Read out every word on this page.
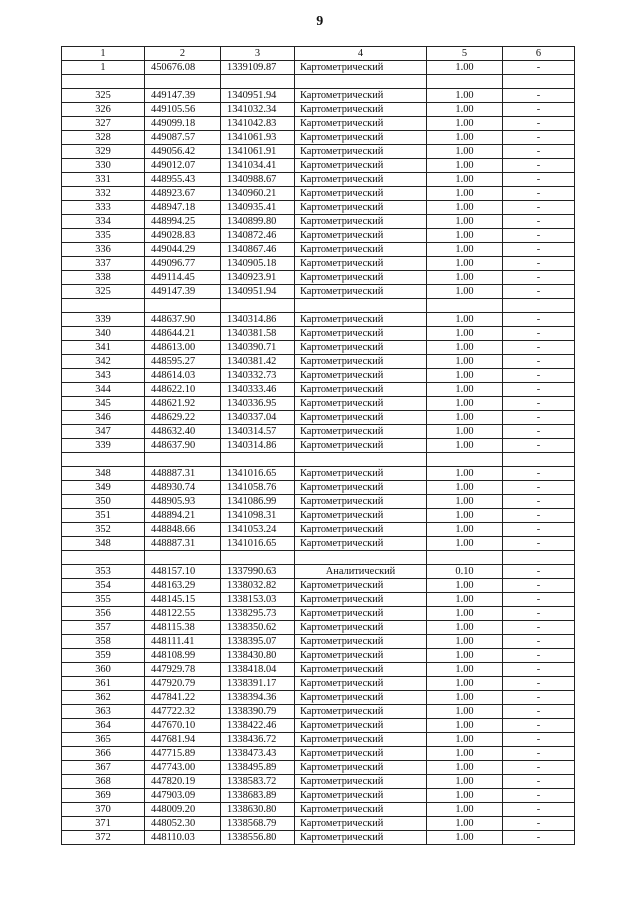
9
1	2	3	4	5	6
1	450676.08	1339109.87	Картометрический	1.00	-

325	449147.39	1340951.94	Картометрический	1.00	-
326	449105.56	1341032.34	Картометрический	1.00	-
327	449099.18	1341042.83	Картометрический	1.00	-
328	449087.57	1341061.93	Картометрический	1.00	-
329	449056.42	1341061.91	Картометрический	1.00	-
330	449012.07	1341034.41	Картометрический	1.00	-
331	448955.43	1340988.67	Картометрический	1.00	-
332	448923.67	1340960.21	Картометрический	1.00	-
333	448947.18	1340935.41	Картометрический	1.00	-
334	448994.25	1340899.80	Картометрический	1.00	-
335	449028.83	1340872.46	Картометрический	1.00	-
336	449044.29	1340867.46	Картометрический	1.00	-
337	449096.77	1340905.18	Картометрический	1.00	-
338	449114.45	1340923.91	Картометрический	1.00	-
325	449147.39	1340951.94	Картометрический	1.00	-

339	448637.90	1340314.86	Картометрический	1.00	-
340	448644.21	1340381.58	Картометрический	1.00	-
341	448613.00	1340390.71	Картометрический	1.00	-
342	448595.27	1340381.42	Картометрический	1.00	-
343	448614.03	1340332.73	Картометрический	1.00	-
344	448622.10	1340333.46	Картометрический	1.00	-
345	448621.92	1340336.95	Картометрический	1.00	-
346	448629.22	1340337.04	Картометрический	1.00	-
347	448632.40	1340314.57	Картометрический	1.00	-
339	448637.90	1340314.86	Картометрический	1.00	-

348	448887.31	1341016.65	Картометрический	1.00	-
349	448930.74	1341058.76	Картометрический	1.00	-
350	448905.93	1341086.99	Картометрический	1.00	-
351	448894.21	1341098.31	Картометрический	1.00	-
352	448848.66	1341053.24	Картометрический	1.00	-
348	448887.31	1341016.65	Картометрический	1.00	-

353	448157.10	1337990.63	Аналитический	0.10	-
354	448163.29	1338032.82	Картометрический	1.00	-
355	448145.15	1338153.03	Картометрический	1.00	-
356	448122.55	1338295.73	Картометрический	1.00	-
357	448115.38	1338350.62	Картометрический	1.00	-
358	448111.41	1338395.07	Картометрический	1.00	-
359	448108.99	1338430.80	Картометрический	1.00	-
360	447929.78	1338418.04	Картометрический	1.00	-
361	447920.79	1338391.17	Картометрический	1.00	-
362	447841.22	1338394.36	Картометрический	1.00	-
363	447722.32	1338390.79	Картометрический	1.00	-
364	447670.10	1338422.46	Картометрический	1.00	-
365	447681.94	1338436.72	Картометрический	1.00	-
366	447715.89	1338473.43	Картометрический	1.00	-
367	447743.00	1338495.89	Картометрический	1.00	-
368	447820.19	1338583.72	Картометрический	1.00	-
369	447903.09	1338683.89	Картометрический	1.00	-
370	448009.20	1338630.80	Картометрический	1.00	-
371	448052.30	1338568.79	Картометрический	1.00	-
372	448110.03	1338556.80	Картометрический	1.00	-
